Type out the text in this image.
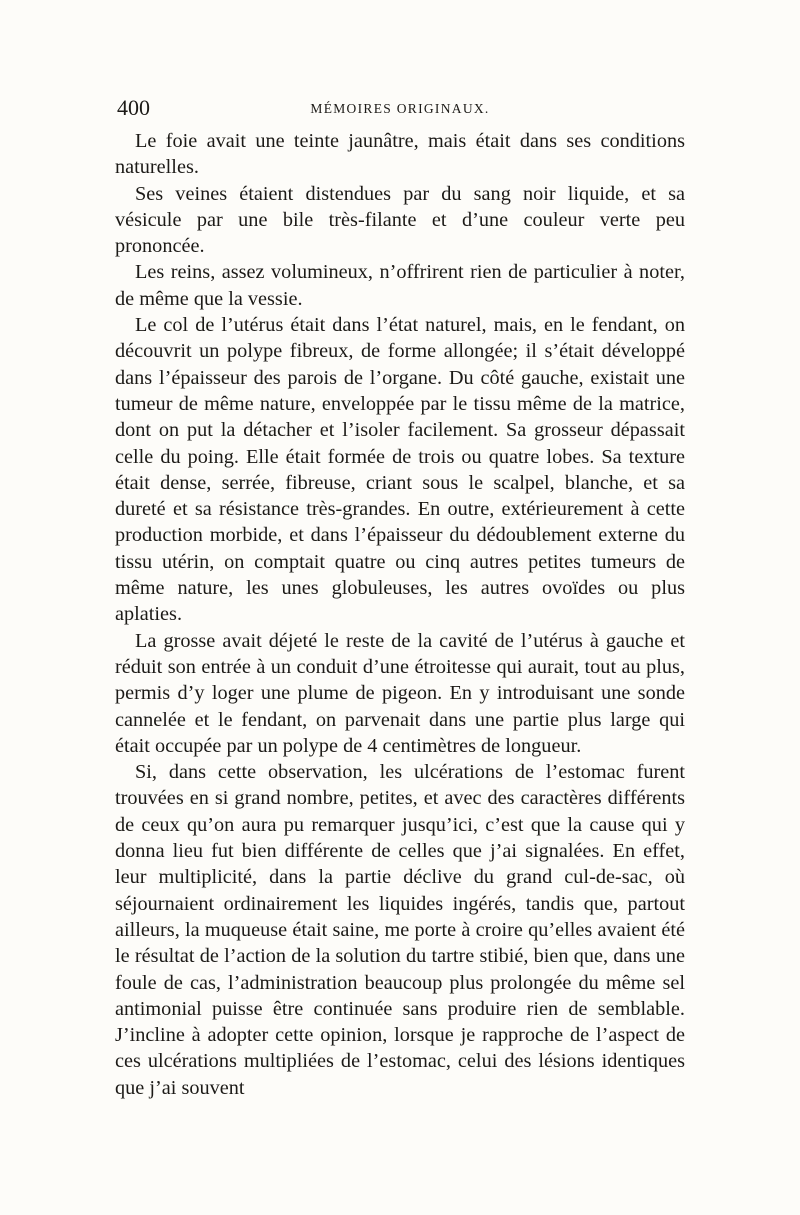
400	MÉMOIRES ORIGINAUX.

Le foie avait une teinte jaunâtre, mais était dans ses conditions naturelles.

Ses veines étaient distendues par du sang noir liquide, et sa vésicule par une bile très-filante et d’une couleur verte peu prononcée.

Les reins, assez volumineux, n’offrirent rien de particulier à noter, de même que la vessie.

Le col de l’utérus était dans l’état naturel, mais, en le fendant, on découvrit un polype fibreux, de forme allongée; il s’était développé dans l’épaisseur des parois de l’organe. Du côté gauche, existait une tumeur de même nature, enveloppée par le tissu même de la matrice, dont on put la détacher et l’isoler facilement. Sa grosseur dépassait celle du poing. Elle était formée de trois ou quatre lobes. Sa texture était dense, serrée, fibreuse, criant sous le scalpel, blanche, et sa dureté et sa résistance très-grandes. En outre, extérieurement à cette production morbide, et dans l’épaisseur du dédoublement externe du tissu utérin, on comptait quatre ou cinq autres petites tumeurs de même nature, les unes globuleuses, les autres ovoïdes ou plus aplaties.

La grosse avait déjeté le reste de la cavité de l’utérus à gauche et réduit son entrée à un conduit d’une étroitesse qui aurait, tout au plus, permis d’y loger une plume de pigeon. En y introduisant une sonde cannelée et le fendant, on parvenait dans une partie plus large qui était occupée par un polype de 4 centimètres de longueur.

Si, dans cette observation, les ulcérations de l’estomac furent trouvées en si grand nombre, petites, et avec des caractères différents de ceux qu’on aura pu remarquer jusqu’ici, c’est que la cause qui y donna lieu fut bien différente de celles que j’ai signalées. En effet, leur multiplicité, dans la partie déclive du grand cul-de-sac, où séjournaient ordinairement les liquides ingérés, tandis que, partout ailleurs, la muqueuse était saine, me porte à croire qu’elles avaient été le résultat de l’action de la solution du tartre stibié, bien que, dans une foule de cas, l’administration beaucoup plus prolongée du même sel antimonial puisse être continuée sans produire rien de semblable. J’incline à adopter cette opinion, lorsque je rapproche de l’aspect de ces ulcérations multipliées de l’estomac, celui des lésions identiques que j’ai souvent
